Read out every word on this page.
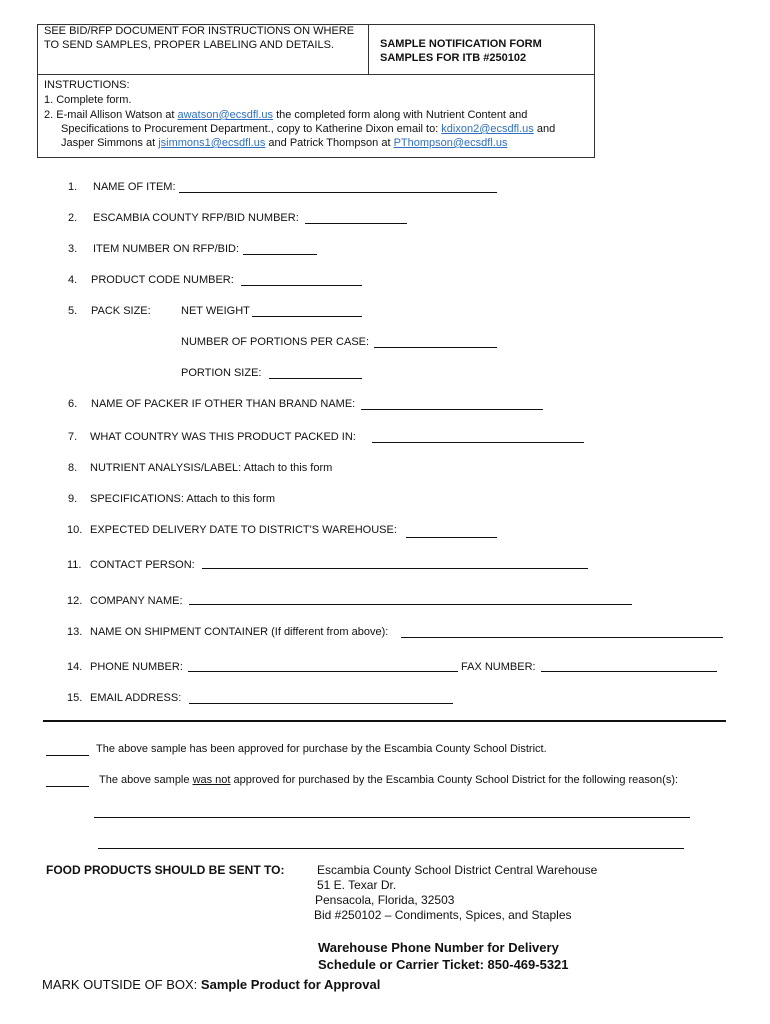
SEE BID/RFP DOCUMENT FOR INSTRUCTIONS ON WHERE
TO SEND SAMPLES, PROPER LABELING AND DETAILS.	SAMPLE NOTIFICATION FORM
SAMPLES FOR ITB #250102
INSTRUCTIONS:
1. Complete form.
2. E-mail Allison Watson at awatson@ecsdfl.us the completed form along with Nutrient Content and
Specifications to Procurement Department., copy to Katherine Dixon email to: kdixon2@ecsdfl.us and
Jasper Simmons at jsimmons1@ecsdfl.us and Patrick Thompson at PThompson@ecsdfl.us
1. NAME OF ITEM:
2. ESCAMBIA COUNTY RFP/BID NUMBER:
3. ITEM NUMBER ON RFP/BID:
4. PRODUCT CODE NUMBER:
5. PACK SIZE:	NET WEIGHT
NUMBER OF PORTIONS PER CASE:
PORTION SIZE:
6. NAME OF PACKER IF OTHER THAN BRAND NAME:
7. WHAT COUNTRY WAS THIS PRODUCT PACKED IN:
8. NUTRIENT ANALYSIS/LABEL: Attach to this form
9. SPECIFICATIONS: Attach to this form
10. EXPECTED DELIVERY DATE TO DISTRICT'S WAREHOUSE:
11. CONTACT PERSON:
12. COMPANY NAME:
13. NAME ON SHIPMENT CONTAINER (If different from above):
14. PHONE NUMBER:	FAX NUMBER:
15. EMAIL ADDRESS:
The above sample has been approved for purchase by the Escambia County School District.
The above sample was not approved for purchased by the Escambia County School District for the following reason(s):
FOOD PRODUCTS SHOULD BE SENT TO:	Escambia County School District Central Warehouse
51 E. Texar Dr.
Pensacola, Florida, 32503
Bid #250102 – Condiments, Spices, and Staples
Warehouse Phone Number for Delivery
Schedule or Carrier Ticket: 850-469-5321
MARK OUTSIDE OF BOX: Sample Product for Approval
